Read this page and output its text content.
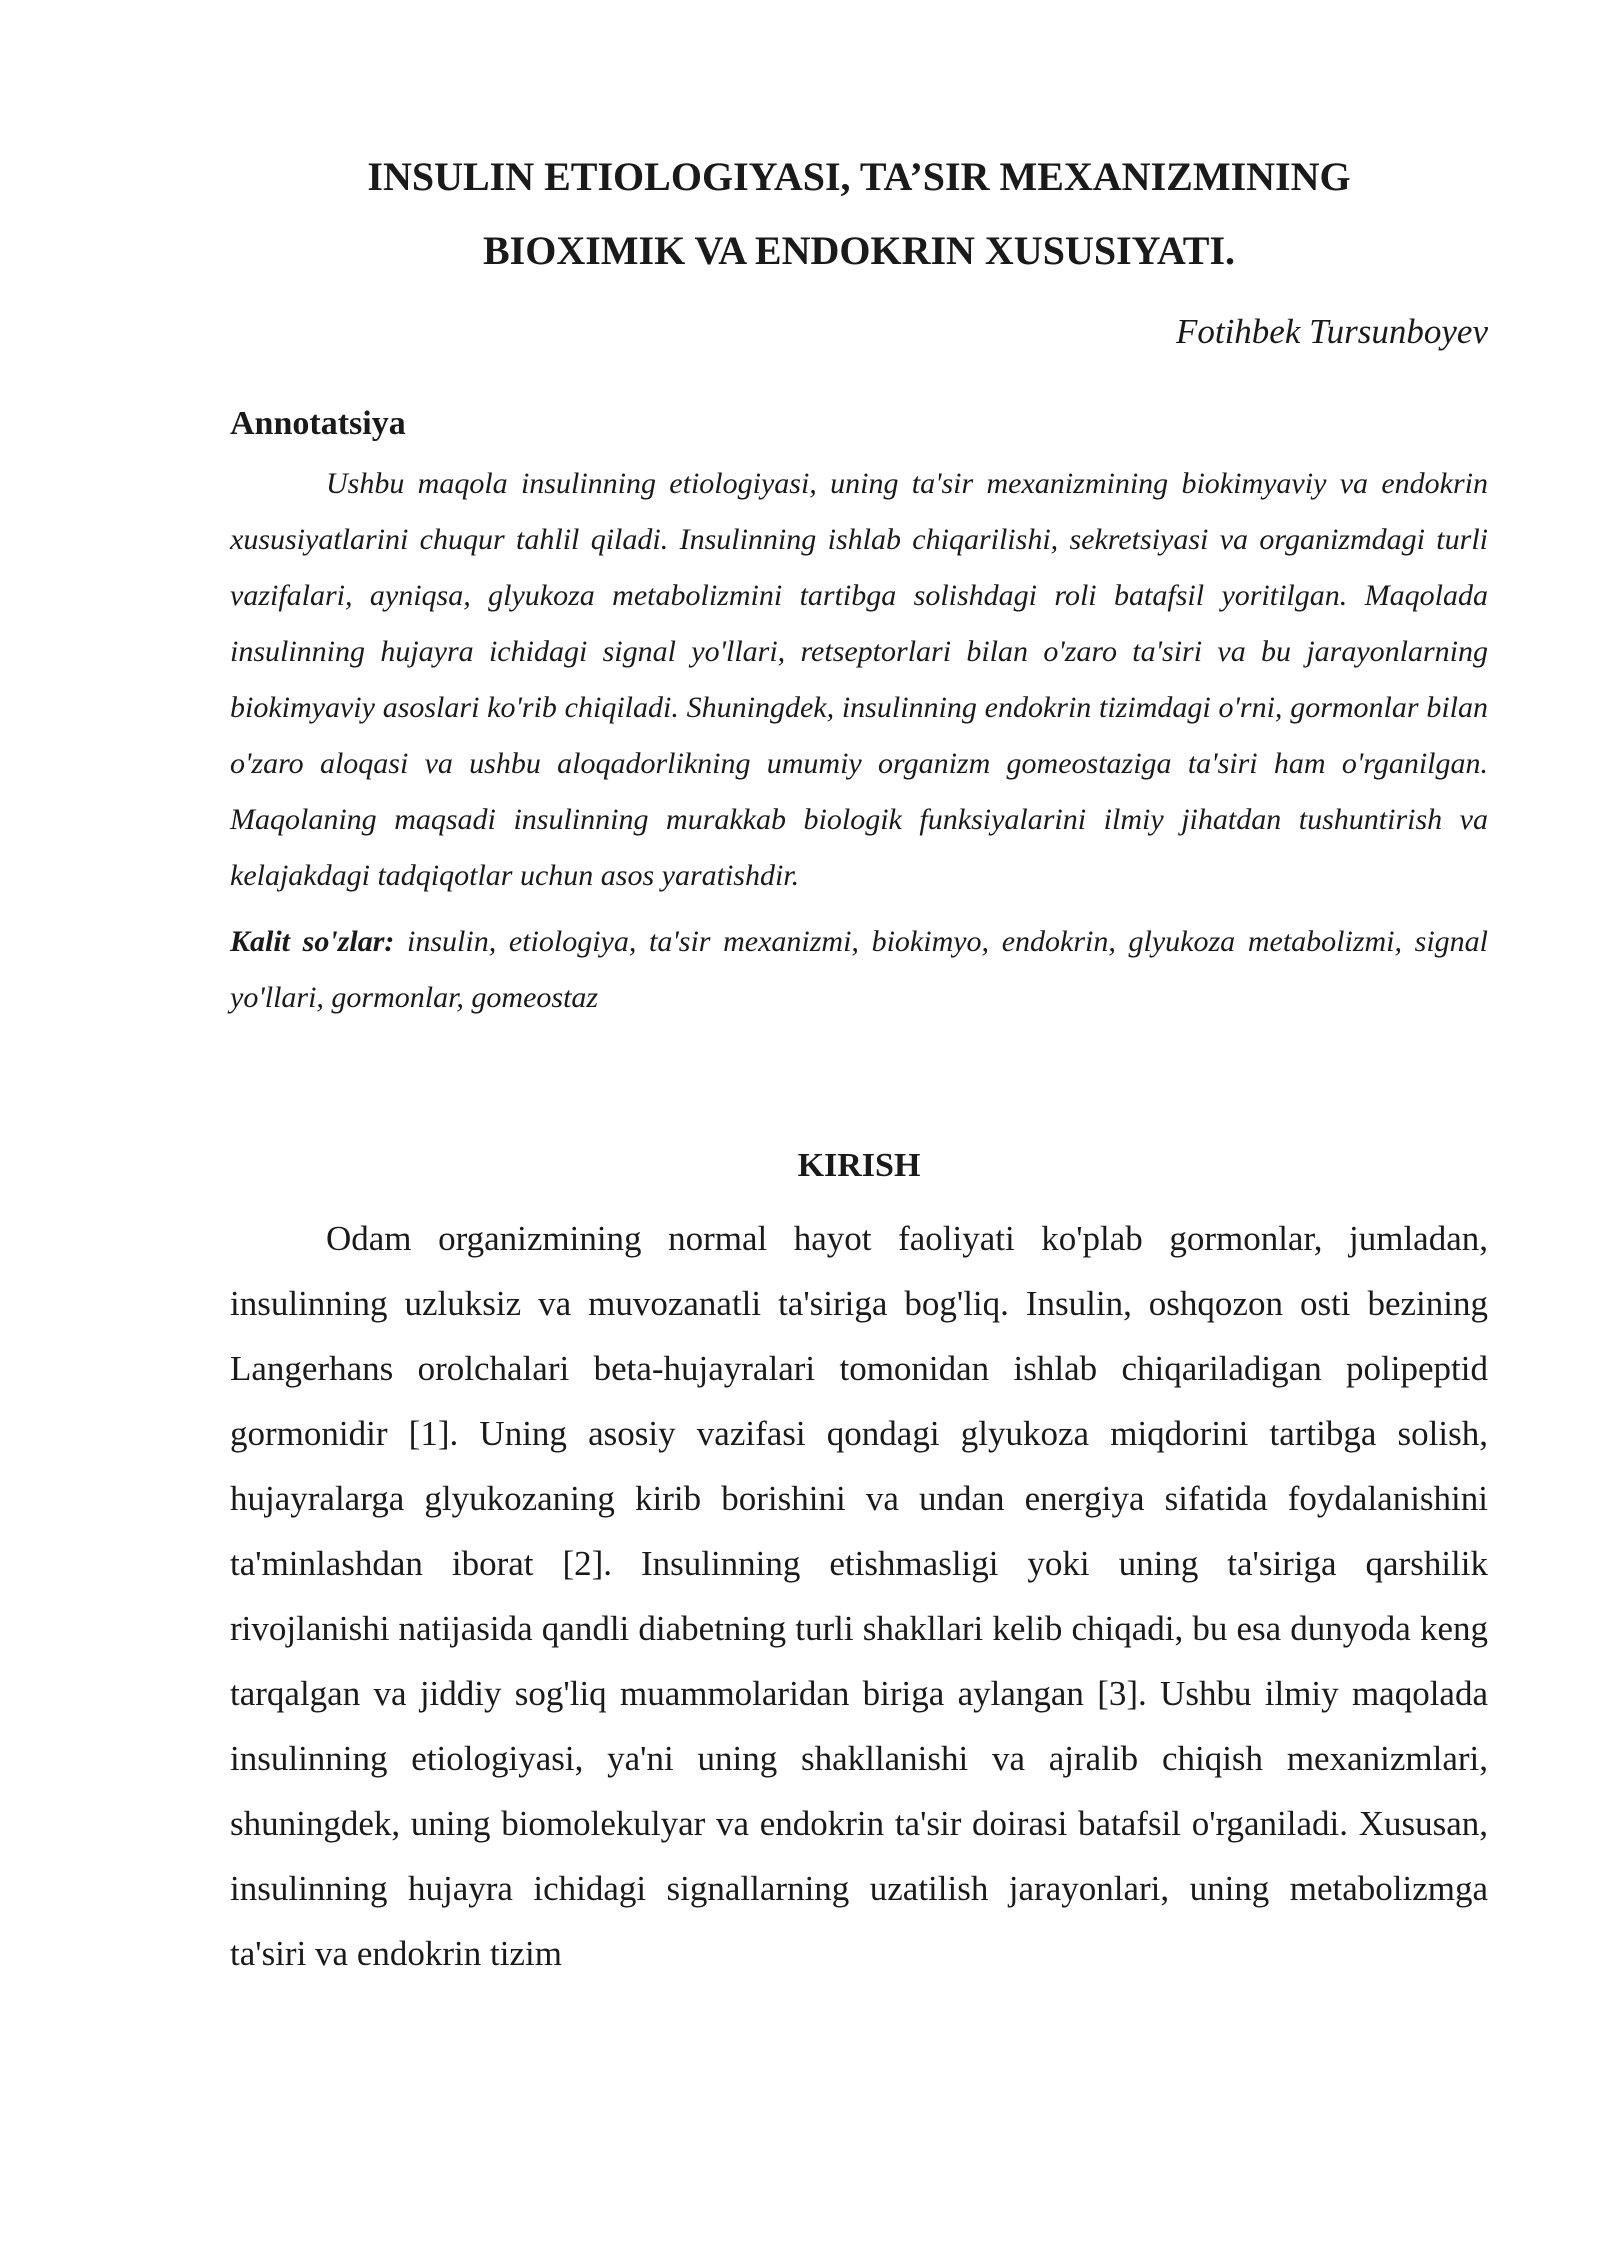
INSULIN ETIOLOGIYASI, TA’SIR MEXANIZMINING
BIOXIMIK VA ENDOKRIN XUSUSIYATI.

Fotihbek Tursunboyev

Annotatsiya

Ushbu maqola insulinning etiologiyasi, uning ta'sir mexanizmining biokimyaviy va endokrin xususiyatlarini chuqur tahlil qiladi. Insulinning ishlab chiqarilishi, sekretsiyasi va organizmdagi turli vazifalari, ayniqsa, glyukoza metabolizmini tartibga solishdagi roli batafsil yoritilgan. Maqolada insulinning hujayra ichidagi signal yo'llari, retseptorlari bilan o'zaro ta'siri va bu jarayonlarning biokimyaviy asoslari ko'rib chiqiladi. Shuningdek, insulinning endokrin tizimdagi o'rni, gormonlar bilan o'zaro aloqasi va ushbu aloqadorlikning umumiy organizm gomeostaziga ta'siri ham o'rganilgan. Maqolaning maqsadi insulinning murakkab biologik funksiyalarini ilmiy jihatdan tushuntirish va kelajakdagi tadqiqotlar uchun asos yaratishdir.

Kalit so'zlar: insulin, etiologiya, ta'sir mexanizmi, biokimyo, endokrin, glyukoza metabolizmi, signal yo'llari, gormonlar, gomeostaz

KIRISH

Odam organizmining normal hayot faoliyati ko'plab gormonlar, jumladan, insulinning uzluksiz va muvozanatli ta'siriga bog'liq. Insulin, oshqozon osti bezining Langerhans orolchalari beta-hujayralari tomonidan ishlab chiqariladigan polipeptid gormonidir [1]. Uning asosiy vazifasi qondagi glyukoza miqdorini tartibga solish, hujayralarga glyukozaning kirib borishini va undan energiya sifatida foydalanishini ta'minlashdan iborat [2]. Insulinning etishmasligi yoki uning ta'siriga qarshilik rivojlanishi natijasida qandli diabetning turli shakllari kelib chiqadi, bu esa dunyoda keng tarqalgan va jiddiy sog'liq muammolaridan biriga aylangan [3]. Ushbu ilmiy maqolada insulinning etiologiyasi, ya'ni uning shakllanishi va ajralib chiqish mexanizmlari, shuningdek, uning biomolekulyar va endokrin ta'sir doirasi batafsil o'rganiladi. Xususan, insulinning hujayra ichidagi signallarning uzatilish jarayonlari, uning metabolizmga ta'siri va endokrin tizim
